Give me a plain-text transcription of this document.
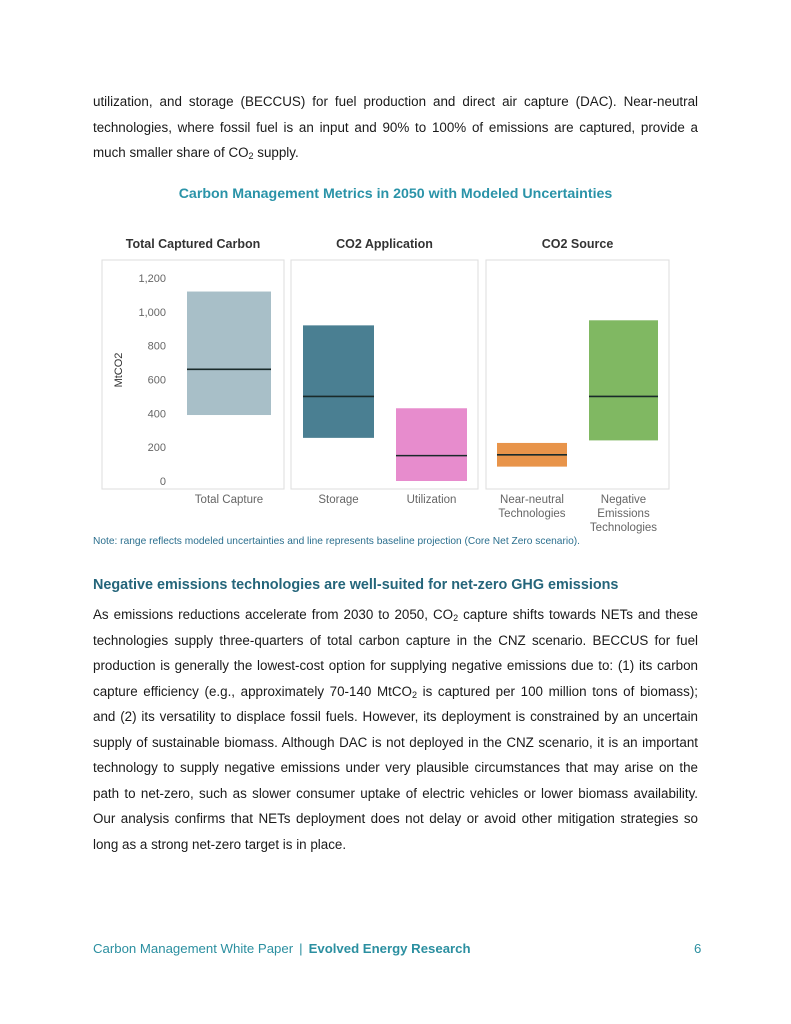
utilization, and storage (BECCUS) for fuel production and direct air capture (DAC). Near-neutral technologies, where fossil fuel is an input and 90% to 100% of emissions are captured, provide a much smaller share of $CO_2$ supply.

Carbon Management Metrics in 2050 with Modeled Uncertainties
MtCO2
0
200
400
600
800
1,000
1,200
Total Captured Carbon
Total Capture
CO2 Application
Storage	Utilization
CO2 Source
Near-neutral Technologies
Negative Emissions Technologies
Note: range reflects modeled uncertainties and line represents baseline projection (Core Net Zero scenario).
Negative emissions technologies are well-suited for net-zero GHG emissions

As emissions reductions accelerate from 2030 to 2050, $CO_2$ capture shifts towards NETs and these technologies supply three-quarters of total carbon capture in the CNZ scenario. BECCUS for fuel production is generally the lowest-cost option for supplying negative emissions due to: (1) its carbon capture efficiency (e.g., approximately 70-140 MtCO$_2$ is captured per 100 million tons of biomass); and (2) its versatility to displace fossil fuels. However, its deployment is constrained by an uncertain supply of sustainable biomass. Although DAC is not deployed in the CNZ scenario, it is an important technology to supply negative emissions under very plausible circumstances that may arise on the path to net-zero, such as slower consumer uptake of electric vehicles or lower biomass availability. Our analysis confirms that NETs deployment does not delay or avoid other mitigation strategies so long as a strong net-zero target is in place.

Carbon Management White Paper | Evolved Energy Research	6
